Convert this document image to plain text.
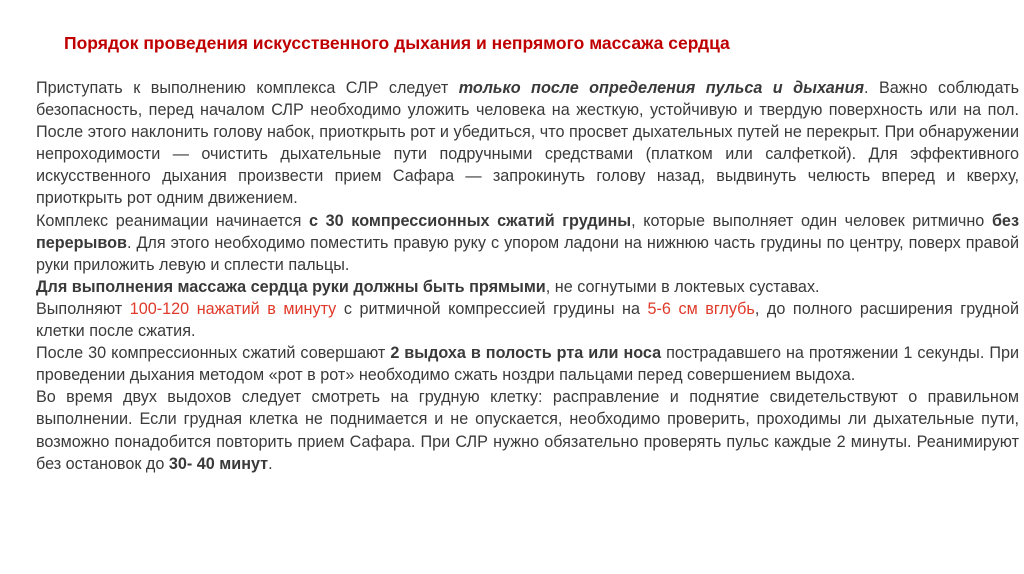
Порядок проведения искусственного дыхания и непрямого массажа сердца

Приступать к выполнению комплекса СЛР следует только после определения пульса и дыхания. Важно соблюдать безопасность, перед началом СЛР необходимо уложить человека на жесткую, устойчивую и твердую поверхность или на пол. После этого наклонить голову набок, приоткрыть рот и убедиться, что просвет дыхательных путей не перекрыт. При обнаружении непроходимости — очистить дыхательные пути подручными средствами (платком или салфеткой). Для эффективного искусственного дыхания произвести прием Сафара — запрокинуть голову назад, выдвинуть челюсть вперед и кверху, приоткрыть рот одним движением.

Комплекс реанимации начинается с 30 компрессионных сжатий грудины, которые выполняет один человек ритмично без перерывов. Для этого необходимо поместить правую руку с упором ладони на нижнюю часть грудины по центру, поверх правой руки приложить левую и сплести пальцы.

Для выполнения массажа сердца руки должны быть прямыми, не согнутыми в локтевых суставах.

Выполняют 100-120 нажатий в минуту с ритмичной компрессией грудины на 5-6 см вглубь, до полного расширения грудной клетки после сжатия.

После 30 компрессионных сжатий совершают 2 выдоха в полость рта или носа пострадавшего на протяжении 1 секунды. При проведении дыхания методом «рот в рот» необходимо сжать ноздри пальцами перед совершением выдоха.

Во время двух выдохов следует смотреть на грудную клетку: расправление и поднятие свидетельствуют о правильном выполнении. Если грудная клетка не поднимается и не опускается, необходимо проверить, проходимы ли дыхательные пути, возможно понадобится повторить прием Сафара. При СЛР нужно обязательно проверять пульс каждые 2 минуты. Реанимируют без остановок до 30- 40 минут.
